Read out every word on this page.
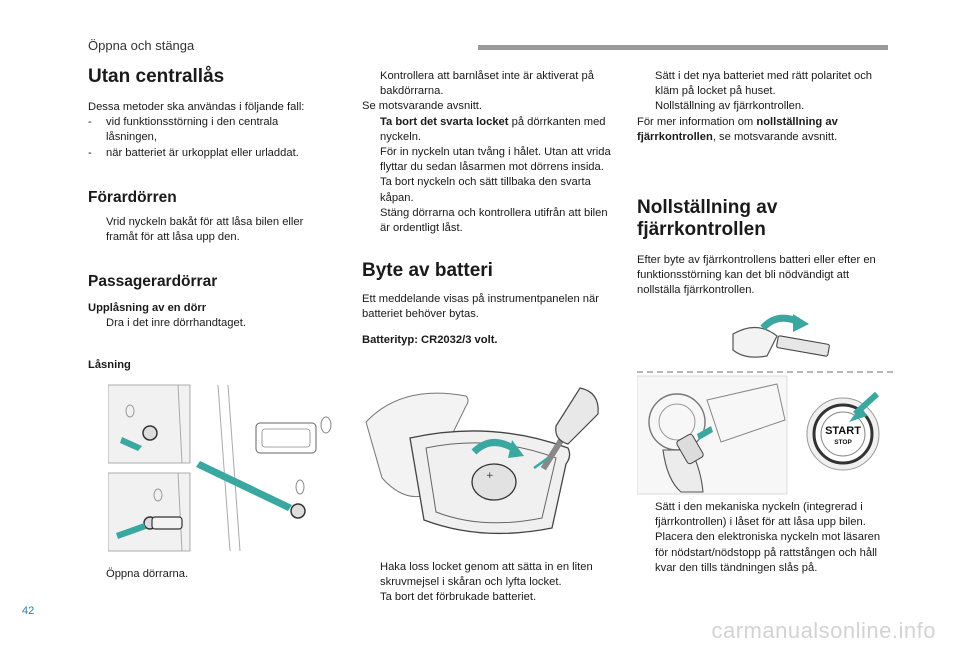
Öppna och stänga
Utan centrallås

Dessa metoder ska användas i följande fall:

- vid funktionsstörning i den centrala låsningen,

- när batteriet är urkopplat eller urladdat.

Förardörren

Vrid nyckeln bakåt för att låsa bilen eller framåt för att låsa upp den.

Passagerardörrar

Upplåsning av en dörr

Dra i det inre dörrhandtaget.

Låsning

Öppna dörrarna.

Kontrollera att barnlåset inte är aktiverat på bakdörrarna.

Se motsvarande avsnitt.

Ta bort det svarta locket på dörrkanten med nyckeln.

För in nyckeln utan tvång i hålet. Utan att vrida flyttar du sedan låsarmen mot dörrens insida.

Ta bort nyckeln och sätt tillbaka den svarta kåpan.

Stäng dörrarna och kontrollera utifrån att bilen är ordentligt låst.

Byte av batteri

Ett meddelande visas på instrumentpanelen när batteriet behöver bytas.

Batterityp: CR2032/3 volt.

+

Haka loss locket genom att sätta in en liten skruvmejsel i skåran och lyfta locket.

Ta bort det förbrukade batteriet.

Sätt i det nya batteriet med rätt polaritet och kläm på locket på huset.

Nollställning av fjärrkontrollen.

För mer information om nollställning av fjärrkontrollen, se motsvarande avsnitt.

Nollställning av
fjärrkontrollen

Efter byte av fjärrkontrollens batteri eller efter en funktionsstörning kan det bli nödvändigt att nollställa fjärrkontrollen.

START
STOP

Sätt i den mekaniska nyckeln (integrerad i fjärrkontrollen) i låset för att låsa upp bilen.

Placera den elektroniska nyckeln mot läsaren för nödstart/nödstopp på rattstången och håll kvar den tills tändningen slås på.

42
carmanualsonline.info
